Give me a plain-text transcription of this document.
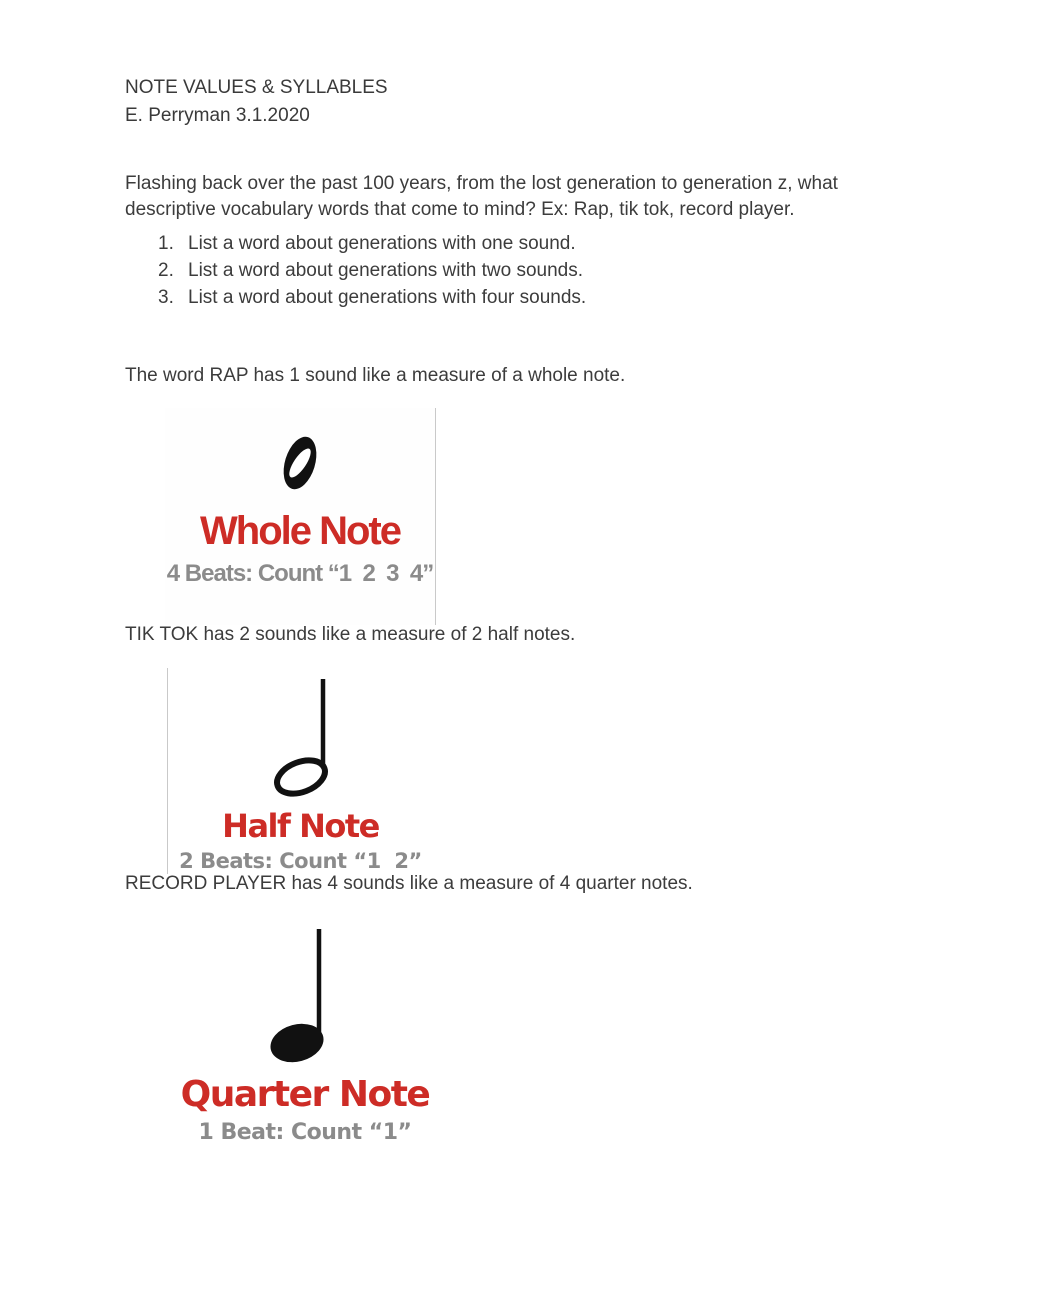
NOTE VALUES & SYLLABLES
E. Perryman 3.1.2020

Flashing back over the past 100 years, from the lost generation to generation z, what
descriptive vocabulary words that come to mind? Ex: Rap, tik tok, record player.

1. List a word about generations with one sound.
2. List a word about generations with two sounds.
3. List a word about generations with four sounds.
The word RAP has 1 sound like a measure of a whole note.
Whole Note
4 Beats: Count “1  2  3  4”
TIK TOK has 2 sounds like a measure of 2 half notes.
Half Note
2 Beats: Count “1  2”
RECORD PLAYER has 4 sounds like a measure of 4 quarter notes.
Quarter Note
1 Beat: Count “1”
